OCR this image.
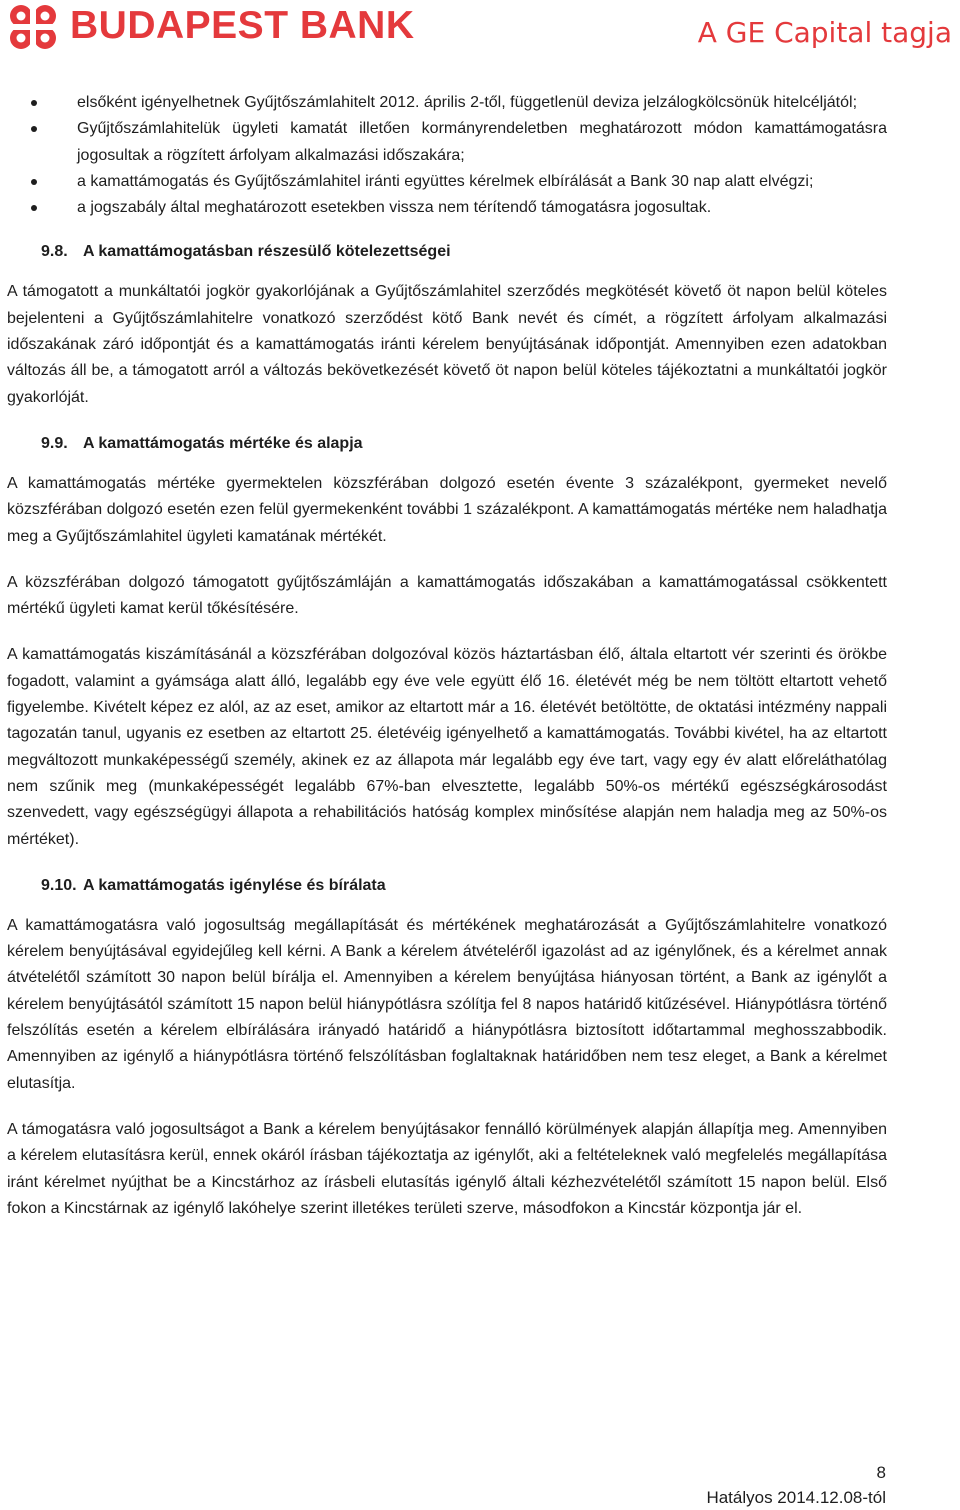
BUDAPEST BANK	A GE Capital tagja
elsőként igényelhetnek Gyűjtőszámlahitelt 2012. április 2-től, függetlenül deviza jelzálogkölcsönük hitelcéljától;
Gyűjtőszámlahitelük ügyleti kamatát illetően kormányrendeletben meghatározott módon kamattámogatásra jogosultak a rögzített árfolyam alkalmazási időszakára;
a kamattámogatás és Gyűjtőszámlahitel iránti együttes kérelmek elbírálását a Bank 30 nap alatt elvégzi;
a jogszabály által meghatározott esetekben vissza nem térítendő támogatásra jogosultak.
9.8. A kamattámogatásban részesülő kötelezettségei

A támogatott a munkáltatói jogkör gyakorlójának a Gyűjtőszámlahitel szerződés megkötését követő öt napon belül köteles bejelenteni a Gyűjtőszámlahitelre vonatkozó szerződést kötő Bank nevét és címét, a rögzített árfolyam alkalmazási időszakának záró időpontját és a kamattámogatás iránti kérelem benyújtásának időpontját. Amennyiben ezen adatokban változás áll be, a támogatott arról a változás bekövetkezését követő öt napon belül köteles tájékoztatni a munkáltatói jogkör gyakorlóját.

9.9. A kamattámogatás mértéke és alapja

A kamattámogatás mértéke gyermektelen közszférában dolgozó esetén évente 3 százalékpont, gyermeket nevelő közszférában dolgozó esetén ezen felül gyermekenként további 1 százalékpont. A kamattámogatás mértéke nem haladhatja meg a Gyűjtőszámlahitel ügyleti kamatának mértékét.

A közszférában dolgozó támogatott gyűjtőszámláján a kamattámogatás időszakában a kamattámogatással csökkentett mértékű ügyleti kamat kerül tőkésítésére.

A kamattámogatás kiszámításánál a közszférában dolgozóval közös háztartásban élő, általa eltartott vér szerinti és örökbe fogadott, valamint a gyámsága alatt álló, legalább egy éve vele együtt élő 16. életévét még be nem töltött eltartott vehető figyelembe. Kivételt képez ez alól, az az eset, amikor az eltartott már a 16. életévét betöltötte, de oktatási intézmény nappali tagozatán tanul, ugyanis ez esetben az eltartott 25. életévéig igényelhető a kamattámogatás. További kivétel, ha az eltartott megváltozott munkaképességű személy, akinek ez az állapota már legalább egy éve tart, vagy egy év alatt előreláthatólag nem szűnik meg (munkaképességét legalább 67%-ban elvesztette, legalább 50%-os mértékű egészségkárosodást szenvedett, vagy egészségügyi állapota a rehabilitációs hatóság komplex minősítése alapján nem haladja meg az 50%-os mértéket).

9.10. A kamattámogatás igénylése és bírálata

A kamattámogatásra való jogosultság megállapítását és mértékének meghatározását a Gyűjtőszámlahitelre vonatkozó kérelem benyújtásával egyidejűleg kell kérni. A Bank a kérelem átvételéről igazolást ad az igénylőnek, és a kérelmet annak átvételétől számított 30 napon belül bírálja el. Amennyiben a kérelem benyújtása hiányosan történt, a Bank az igénylőt a kérelem benyújtásától számított 15 napon belül hiánypótlásra szólítja fel 8 napos határidő kitűzésével. Hiánypótlásra történő felszólítás esetén a kérelem elbírálására irányadó határidő a hiánypótlásra biztosított időtartammal meghosszabbodik. Amennyiben az igénylő a hiánypótlásra történő felszólításban foglaltaknak határidőben nem tesz eleget, a Bank a kérelmet elutasítja.

A támogatásra való jogosultságot a Bank a kérelem benyújtásakor fennálló körülmények alapján állapítja meg. Amennyiben a kérelem elutasításra kerül, ennek okáról írásban tájékoztatja az igénylőt, aki a feltételeknek való megfelelés megállapítása iránt kérelmet nyújthat be a Kincstárhoz az írásbeli elutasítás igénylő általi kézhezvételétől számított 15 napon belül. Első fokon a Kincstárnak az igénylő lakóhelye szerint illetékes területi szerve, másodfokon a Kincstár központja jár el.

8
Hatályos 2014.12.08-tól
